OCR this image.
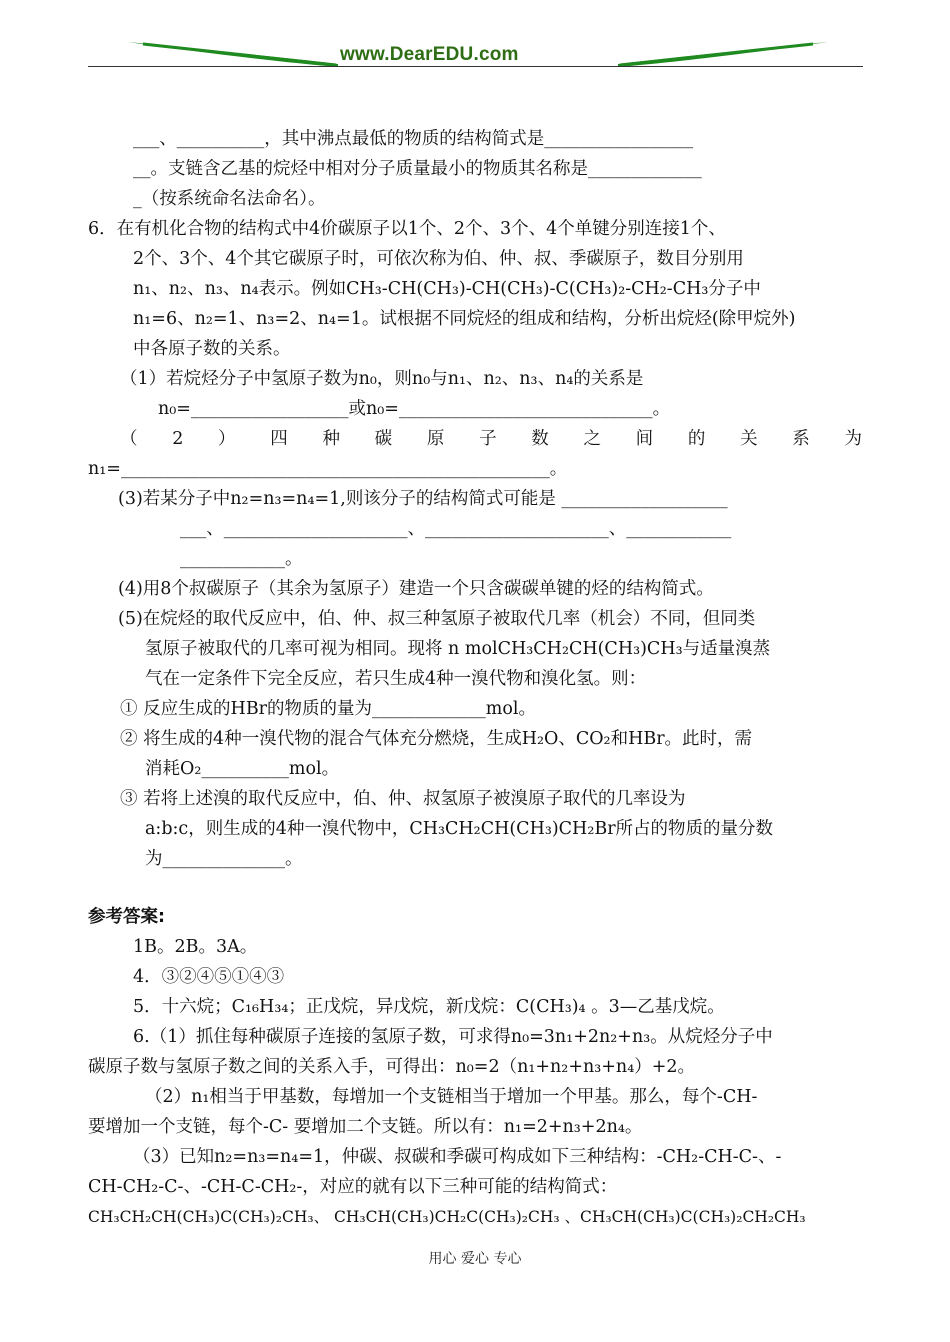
www.DearEDU.com
___、__________，其中沸点最低的物质的结构简式是_________________
__。支链含乙基的烷烃中相对分子质量最小的物质其名称是_____________
_（按系统命名法命名）。
6．在有机化合物的结构式中4价碳原子以1个、2个、3个、4个单键分别连接1个、
2个、3个、4个其它碳原子时，可依次称为伯、仲、叔、季碳原子，数目分别用
n₁、n₂、n₃、n₄表示。例如CH₃-CH(CH₃)-CH(CH₃)-C(CH₃)₂-CH₂-CH₃分子中
n₁=6、n₂=1、n₃=2、n₄=1。试根据不同烷烃的组成和结构，分析出烷烃(除甲烷外)
中各原子数的关系。
（1）若烷烃分子中氢原子数为n₀，则n₀与n₁、n₂、n₃、n₄的关系是
n₀=__________________或n₀=_____________________________。
（ 2 ） 四 种 碳 原 子 数 之 间 的 关 系 为
n₁=_________________________________________________。
(3)若某分子中n₂=n₃=n₄=1,则该分子的结构简式可能是 ___________________
___、_____________________、_____________________、____________
____________。
(4)用8个叔碳原子（其余为氢原子）建造一个只含碳碳单键的烃的结构简式。
(5)在烷烃的取代反应中，伯、仲、叔三种氢原子被取代几率（机会）不同，但同类
氢原子被取代的几率可视为相同。现将 n molCH₃CH₂CH(CH₃)CH₃与适量溴蒸
气在一定条件下完全反应，若只生成4种一溴代物和溴化氢。则：
① 反应生成的HBr的物质的量为_____________mol。
② 将生成的4种一溴代物的混合气体充分燃烧，生成H₂O、CO₂和HBr。此时，需
消耗O₂__________mol。
③ 若将上述溴的取代反应中，伯、仲、叔氢原子被溴原子取代的几率设为
a:b:c，则生成的4种一溴代物中，CH₃CH₂CH(CH₃)CH₂Br所占的物质的量分数
为______________。
参考答案:
1B。2B。3A。
4．③②④⑤①④③
5．十六烷；C₁₆H₃₄；正戊烷，异戊烷，新戊烷：C(CH₃)₄ 。3—乙基戊烷。
6.（1）抓住每种碳原子连接的氢原子数，可求得n₀=3n₁+2n₂+n₃。从烷烃分子中
碳原子数与氢原子数之间的关系入手，可得出：n₀=2（n₁+n₂+n₃+n₄）+2。
（2）n₁相当于甲基数，每增加一个支链相当于增加一个甲基。那么，每个-CH-
要增加一个支链，每个-C- 要增加二个支链。所以有：n₁=2+n₃+2n₄。
（3）已知n₂=n₃=n₄=1，仲碳、叔碳和季碳可构成如下三种结构：-CH₂-CH-C-、-
CH-CH₂-C-、-CH-C-CH₂-，对应的就有以下三种可能的结构简式：
CH₃CH₂CH(CH₃)C(CH₃)₂CH₃、 CH₃CH(CH₃)CH₂C(CH₃)₂CH₃ 、CH₃CH(CH₃)C(CH₃)₂CH₂CH₃
用心 爱心 专心
